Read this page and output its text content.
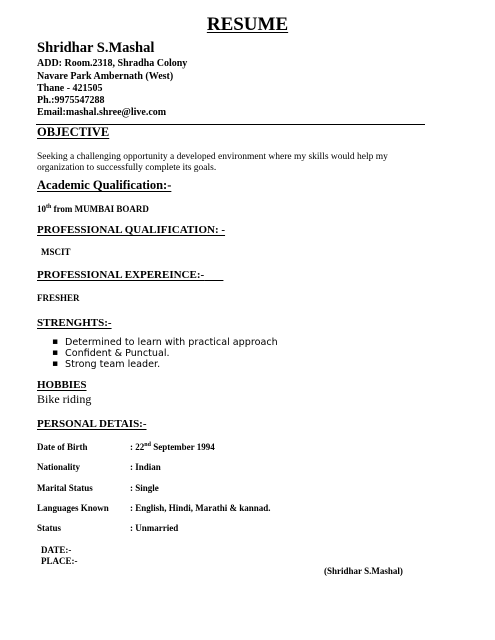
RESUME
Shridhar S.Mashal
ADD: Room.2318, Shradha Colony
Navare Park Ambernath (West)
Thane - 421505
Ph.:9975547288
Email:mashal.shree@live.com
OBJECTIVE
Seeking a challenging opportunity a developed environment where my skills would help my
organization to successfully complete its goals.
Academic Qualification:-
10th from MUMBAI BOARD
PROFESSIONAL QUALIFICATION: -
MSCIT
PROFESSIONAL EXPEREINCE:-
FRESHER
STRENGHTS:-
▪ Determined to learn with practical approach
▪ Confident & Punctual.
▪ Strong team leader.
HOBBIES
Bike riding
PERSONAL DETAIS:-
Date of Birth	: 22nd September 1994
Nationality	: Indian
Marital Status	: Single
Languages Known : English, Hindi, Marathi & kannad.
Status	: Unmarried
DATE:-
PLACE:-
(Shridhar S.Mashal)
